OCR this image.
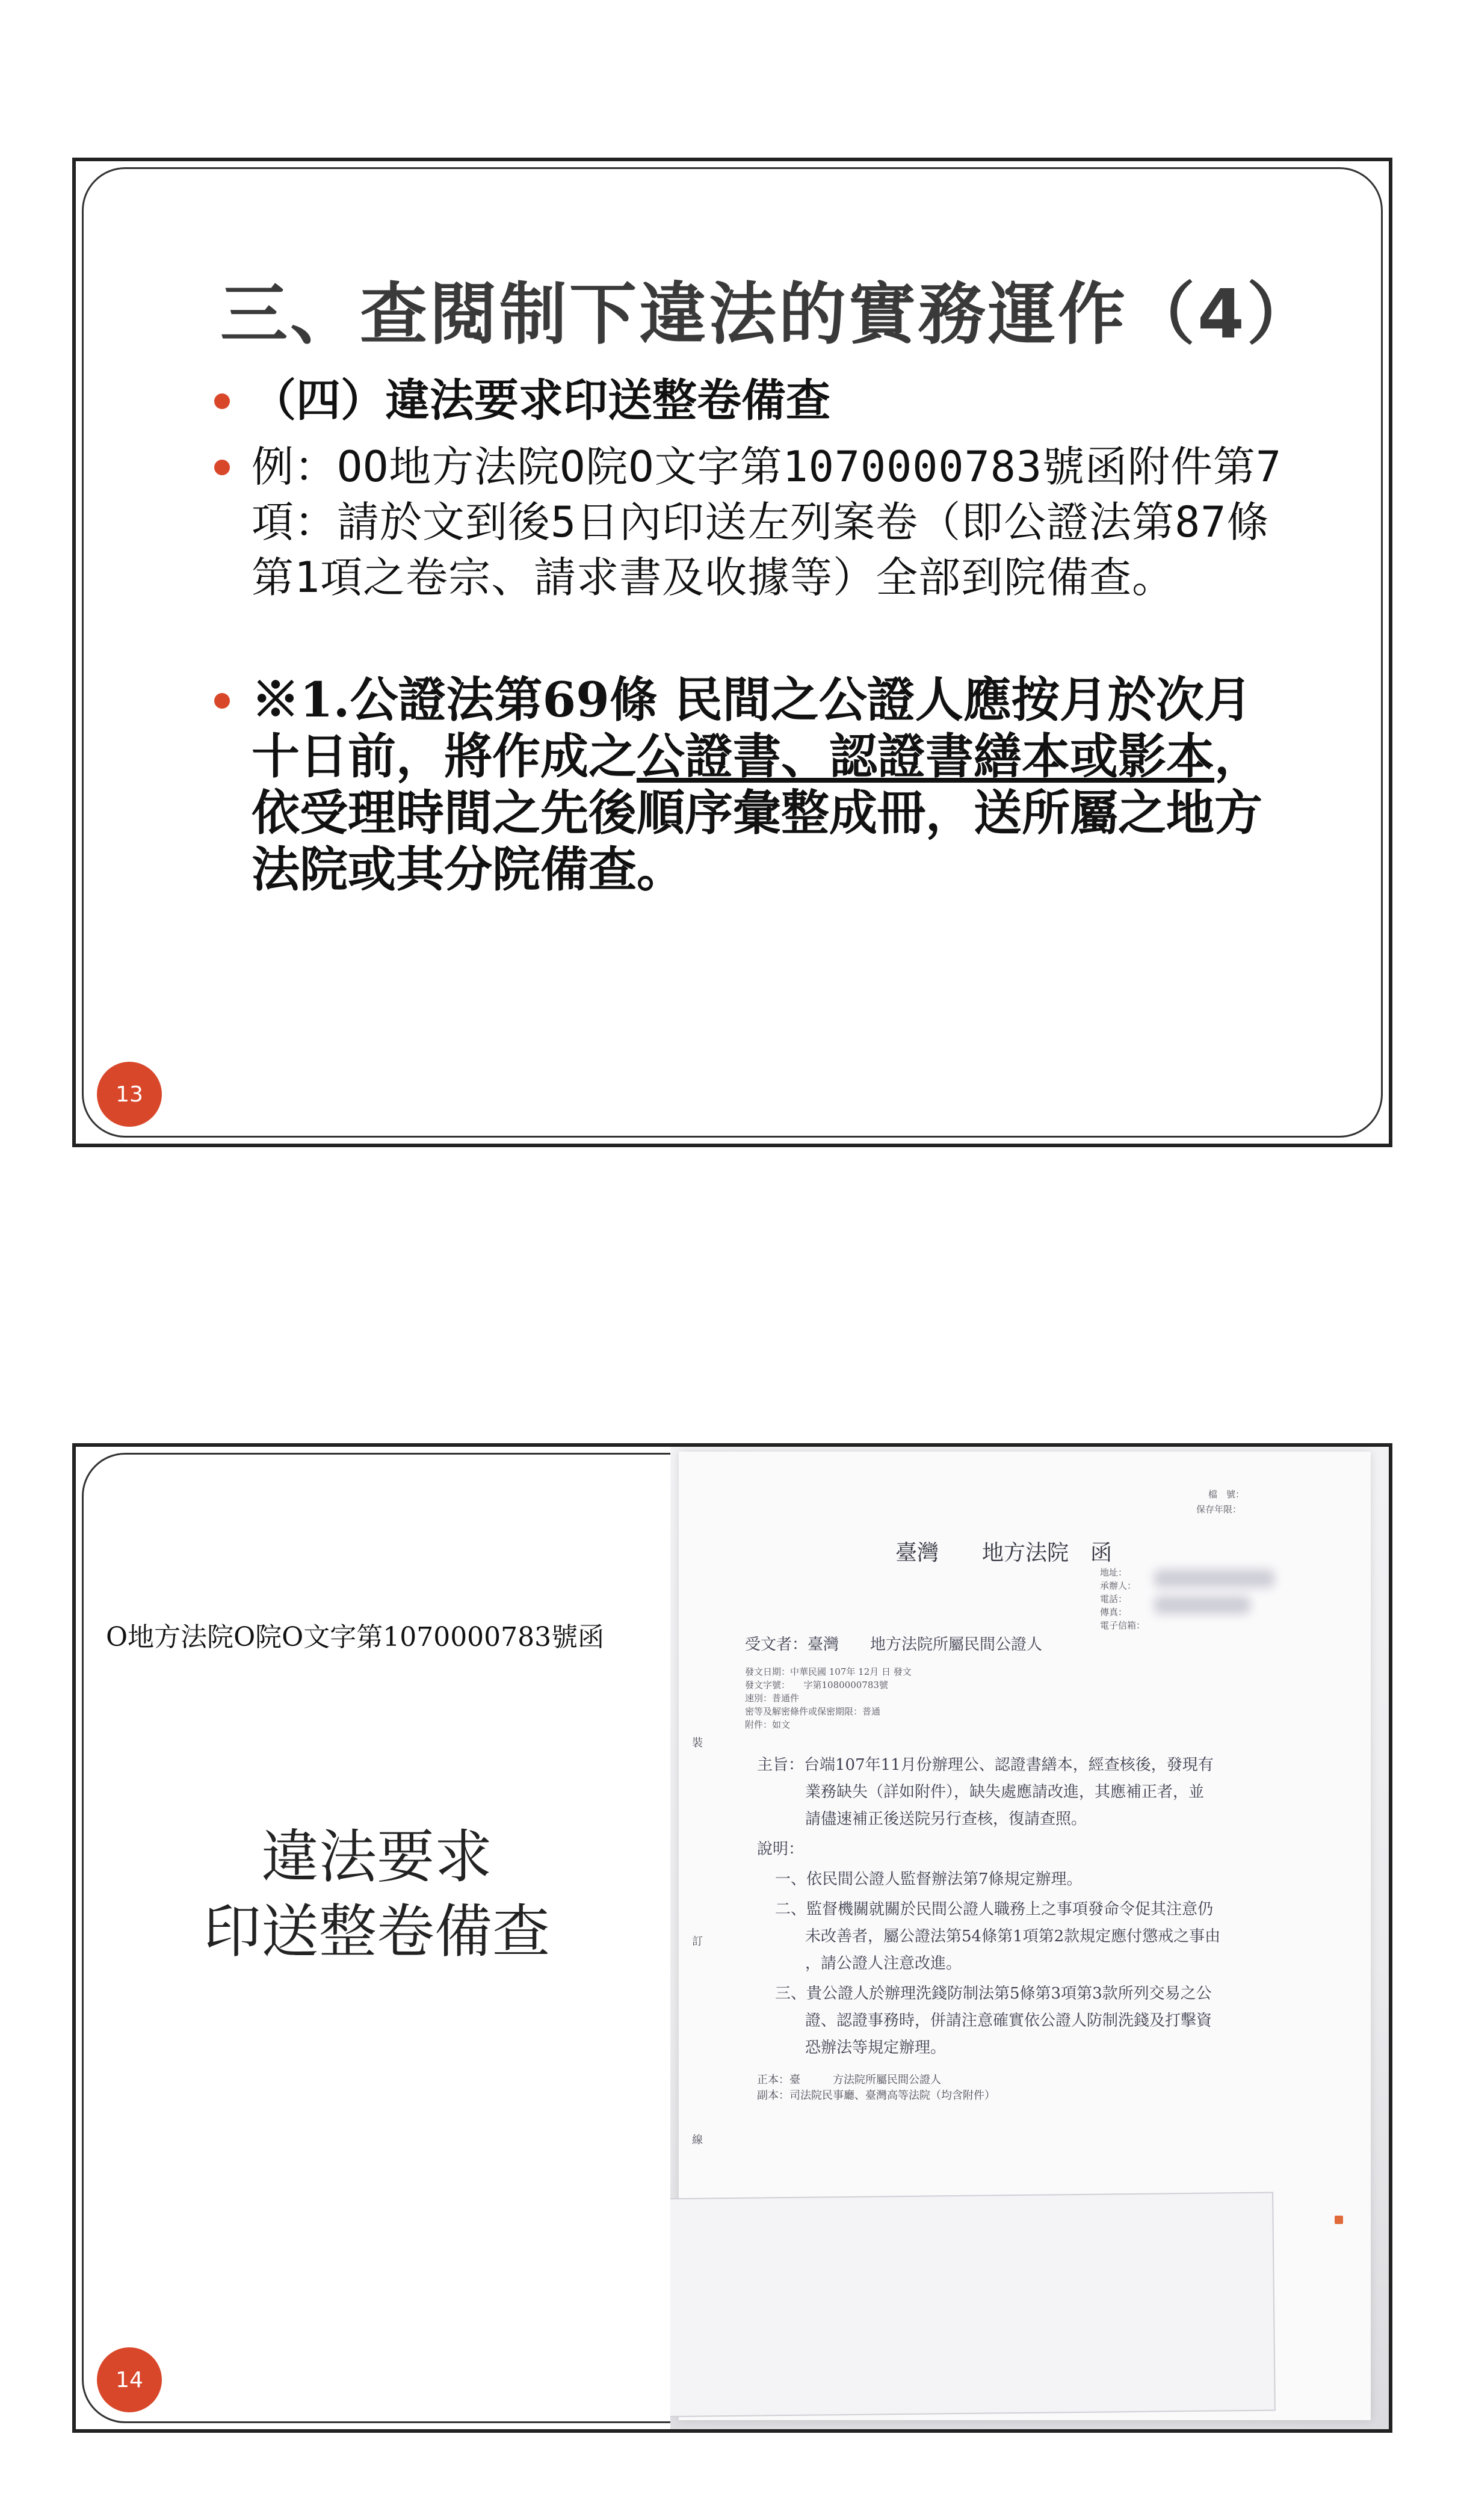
三、查閱制下違法的實務運作（4）
（四）違法要求印送整卷備查
例：OO地方法院O院O文字第1070000783號函附件第7項：請於文到後5日內印送左列案卷（即公證法第87條第1項之卷宗、請求書及收據等）全部到院備查。
※1.公證法第69條 民間之公證人應按月於次月十日前，將作成之公證書、認證書繕本或影本，依受理時間之先後順序彙整成冊，送所屬之地方法院或其分院備查。
13
O地方法院O院O文字第1070000783號函
違法要求
印送整卷備查
14
檔　號：
保存年限：
臺灣　　地方法院　函
地址：
承辦人：
電話：
傳真：
電子信箱：
受文者：臺灣　　地方法院所屬民間公證人
發文日期：中華民國 107年 12月 日 發文
發文字號：　　字第1080000783號
速別：普通件
密等及解密條件或保密期限：普通
附件：如文
裝
主旨：台端107年11月份辦理公、認證書繕本，經查核後，發現有
業務缺失（詳如附件），缺失處應請改進，其應補正者，並
請儘速補正後送院另行查核，復請查照。
說明：
一、依民間公證人監督辦法第7條規定辦理。
二、監督機關就關於民間公證人職務上之事項發命令促其注意仍
未改善者，屬公證法第54條第1項第2款規定應付懲戒之事由
訂
，請公證人注意改進。
三、貴公證人於辦理洗錢防制法第5條第3項第3款所列交易之公
證、認證事務時，併請注意確實依公證人防制洗錢及打擊資
恐辦法等規定辦理。
正本：臺　　　方法院所屬民間公證人
副本：司法院民事廳、臺灣高等法院（均含附件）
線
